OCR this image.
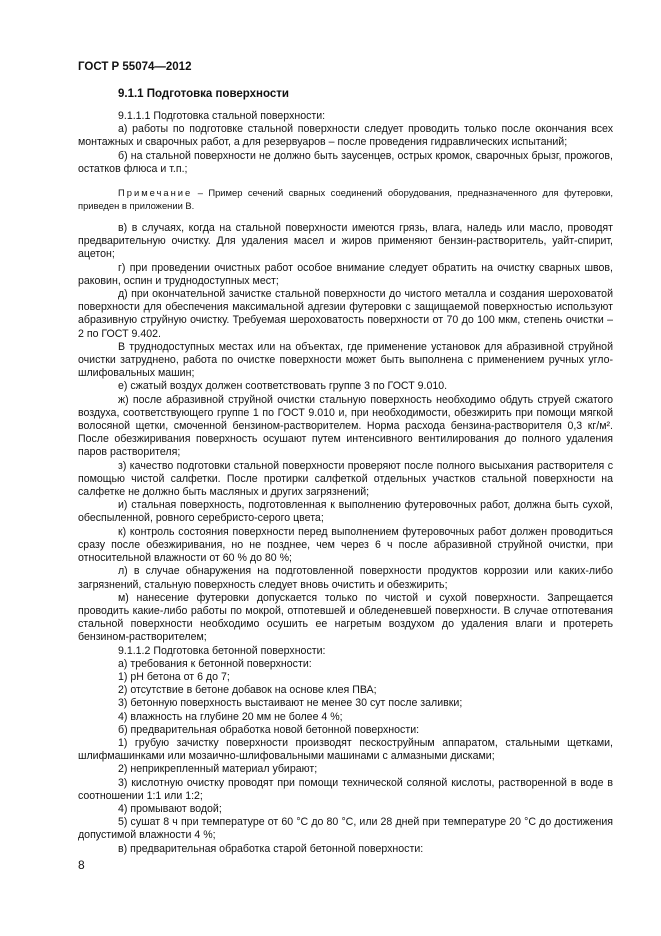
ГОСТ Р 55074—2012
9.1.1 Подготовка поверхности

9.1.1.1 Подготовка стальной поверхности:

а) работы по подготовке стальной поверхности следует проводить только после окончания всех монтажных и сварочных работ, а для резервуаров – после проведения гидравлических испытаний;

б) на стальной поверхности не должно быть заусенцев, острых кромок, сварочных брызг, прожогов, остатков флюса и т.п.;

Примечание – Пример сечений сварных соединений оборудования, предназначенного для футеровки, приведен в приложении В.

в) в случаях, когда на стальной поверхности имеются грязь, влага, наледь или масло, проводят предварительную очистку. Для удаления масел и жиров применяют бензин-растворитель, уайт-спирит, ацетон;

г) при проведении очистных работ особое внимание следует обратить на очистку сварных швов, раковин, оспин и труднодоступных мест;

д) при окончательной зачистке стальной поверхности до чистого металла и создания шероховатой поверхности для обеспечения максимальной адгезии футеровки с защищаемой поверхностью используют абразивную струйную очистку. Требуемая шероховатость поверхности от 70 до 100 мкм, степень очистки – 2 по ГОСТ 9.402.

В труднодоступных местах или на объектах, где применение установок для абразивной струйной очистки затруднено, работа по очистке поверхности может быть выполнена с применением ручных угло-шлифовальных машин;

е) сжатый воздух должен соответствовать группе 3 по ГОСТ 9.010.

ж) после абразивной струйной очистки стальную поверхность необходимо обдуть струей сжатого воздуха, соответствующего группе 1 по ГОСТ 9.010 и, при необходимости, обезжирить при помощи мягкой волосяной щетки, смоченной бензином-растворителем. Норма расхода бензина-растворителя 0,3 кг/м². После обезжиривания поверхность осушают путем интенсивного вентилирования до полного удаления паров растворителя;

з) качество подготовки стальной поверхности проверяют после полного высыхания растворителя с помощью чистой салфетки. После протирки салфеткой отдельных участков стальной поверхности на салфетке не должно быть масляных и других загрязнений;

и) стальная поверхность, подготовленная к выполнению футеровочных работ, должна быть сухой, обеспыленной, ровного серебристо-серого цвета;

к) контроль состояния поверхности перед выполнением футеровочных работ должен проводиться сразу после обезжиривания, но не позднее, чем через 6 ч после абразивной струйной очистки, при относительной влажности от 60 % до 80 %;

л) в случае обнаружения на подготовленной поверхности продуктов коррозии или каких-либо загрязнений, стальную поверхность следует вновь очистить и обезжирить;

м) нанесение футеровки допускается только по чистой и сухой поверхности. Запрещается проводить какие-либо работы по мокрой, отпотевшей и обледеневшей поверхности. В случае отпотевания стальной поверхности необходимо осушить ее нагретым воздухом до удаления влаги и протереть бензином-растворителем;

9.1.1.2 Подготовка бетонной поверхности:

а) требования к бетонной поверхности:

1) pH бетона от 6 до 7;

2) отсутствие в бетоне добавок на основе клея ПВА;

3) бетонную поверхность выстаивают не менее 30 сут после заливки;

4) влажность на глубине 20 мм не более 4 %;

б) предварительная обработка новой бетонной поверхности:

1) грубую зачистку поверхности производят пескоструйным аппаратом, стальными щетками, шлифмашинками или мозаично-шлифовальными машинами с алмазными дисками;

2) неприкрепленный материал убирают;

3) кислотную очистку проводят при помощи технической соляной кислоты, растворенной в воде в соотношении 1:1 или 1:2;

4) промывают водой;

5) сушат 8 ч при температуре от 60 °С до 80 °С, или 28 дней при температуре 20 °С до достижения допустимой влажности 4 %;

в) предварительная обработка старой бетонной поверхности:

8
